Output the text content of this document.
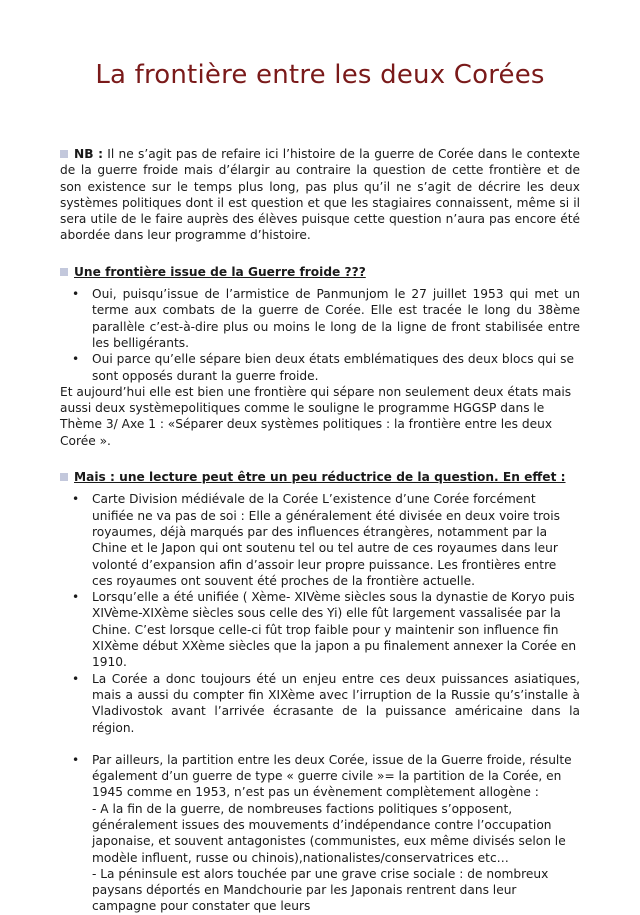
La frontière entre les deux Corées

NB : Il ne s’agit pas de refaire ici l’histoire de la guerre de Corée dans le contexte de la guerre froide mais d’élargir au contraire la question de cette frontière et de son existence sur le temps plus long, pas plus qu’il ne s’agit de décrire les deux systèmes politiques dont il est question et que les stagiaires connaissent, même si il sera utile de le faire auprès des élèves puisque cette question n’aura pas encore été abordée dans leur programme d’histoire.

Une frontière issue de la Guerre froide ???

• Oui, puisqu’issue de l’armistice de Panmunjom le 27 juillet 1953 qui met un terme aux combats de la guerre de Corée. Elle est tracée le long du 38ème parallèle c’est-à-dire plus ou moins le long de la ligne de front stabilisée entre les belligérants.
• Oui parce qu’elle sépare bien deux états emblématiques des deux blocs qui se sont opposés durant la guerre froide.

Et aujourd’hui elle est bien une frontière qui sépare non seulement deux états mais aussi deux systèmepolitiques comme le souligne le programme HGGSP dans le Thème 3/ Axe 1 : «Séparer deux systèmes politiques : la frontière entre les deux Corée ».

Mais : une lecture peut être un peu réductrice de la question. En effet :

• Carte Division médiévale de la Corée L’existence d’une Corée forcément unifiée ne va pas de soi : Elle a généralement été divisée en deux voire trois royaumes, déjà marqués par des influences étrangères, notamment par la Chine et le Japon qui ont soutenu tel ou tel autre de ces royaumes dans leur volonté d’expansion afin d’assoir leur propre puissance. Les frontières entre ces royaumes ont souvent été proches de la frontière actuelle.
• Lorsqu’elle a été unifiée ( Xème- XIVème siècles sous la dynastie de Koryo puis XIVème-XIXème siècles sous celle des Yi) elle fût largement vassalisée par la Chine. C’est lorsque celle-ci fût trop faible pour y maintenir son influence fin XIXème début XXème siècles que la japon a pu finalement annexer la Corée en 1910.
• La Corée a donc toujours été un enjeu entre ces deux puissances asiatiques, mais a aussi du compter fin XIXème avec l’irruption de la Russie qu’s’installe à Vladivostok avant l’arrivée écrasante de la puissance américaine dans la région.
• Par ailleurs, la partition entre les deux Corée, issue de la Guerre froide, résulte également d’un guerre de type « guerre civile »= la partition de la Corée, en 1945 comme en 1953, n’est pas un évènement complètement allogène :
- A la fin de la guerre, de nombreuses factions politiques s’opposent, généralement issues des mouvements d’indépendance contre l’occupation japonaise, et souvent antagonistes (communistes, eux même divisés selon le modèle influent, russe ou chinois),nationalistes/conservatrices etc…
- La péninsule est alors touchée par une grave crise sociale : de nombreux paysans déportés en Mandchourie par les Japonais rentrent dans leur campagne pour constater que leurs
